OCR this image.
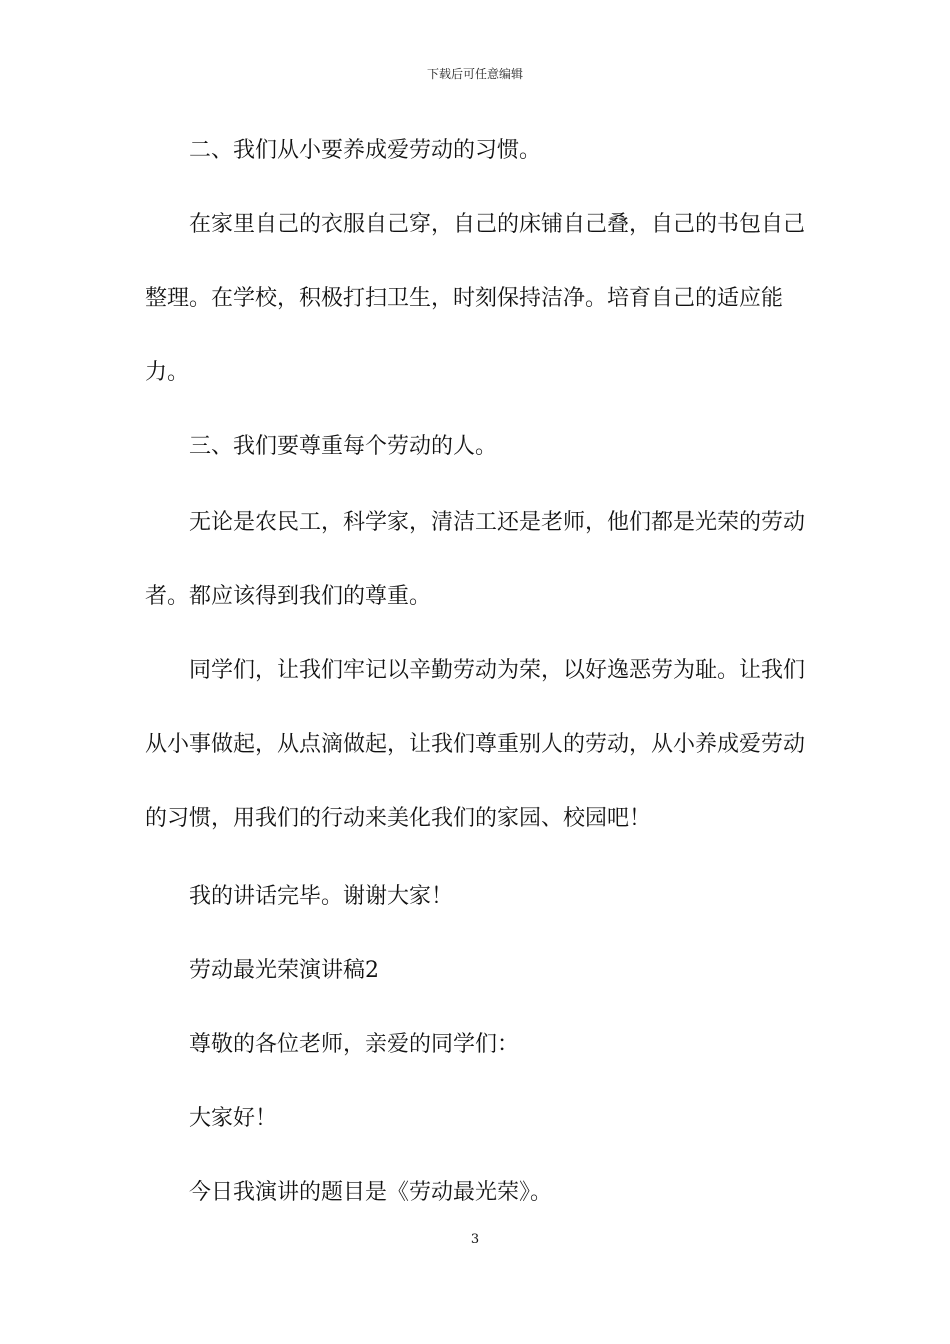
下载后可任意编辑

二、我们从小要养成爱劳动的习惯。

在家里自己的衣服自己穿，自己的床铺自己叠，自己的书包自己整理。在学校，积极打扫卫生，时刻保持洁净。培育自己的适应能力。

三、我们要尊重每个劳动的人。

无论是农民工，科学家，清洁工还是老师，他们都是光荣的劳动者。都应该得到我们的尊重。

同学们，让我们牢记以辛勤劳动为荣，以好逸恶劳为耻。让我们从小事做起，从点滴做起，让我们尊重别人的劳动，从小养成爱劳动的习惯，用我们的行动来美化我们的家园、校园吧！

我的讲话完毕。谢谢大家！

劳动最光荣演讲稿2

尊敬的各位老师，亲爱的同学们：

大家好！

今日我演讲的题目是《劳动最光荣》。

3
